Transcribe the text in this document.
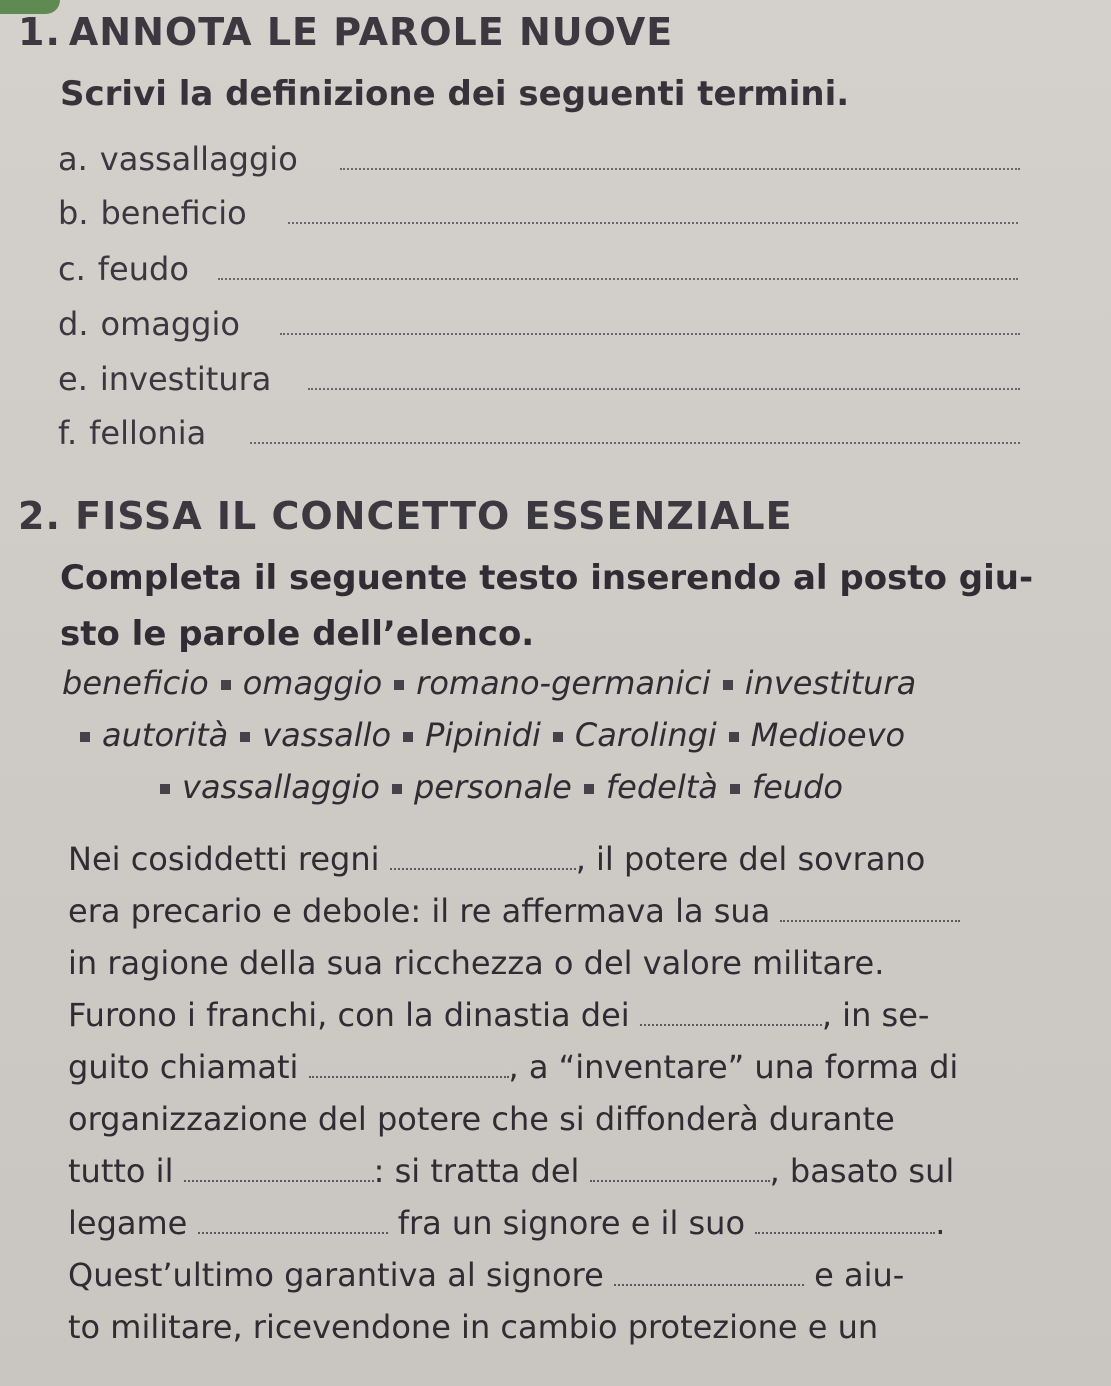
1. ANNOTA LE PAROLE NUOVE
Scrivi la definizione dei seguenti termini.
a. vassallaggio
b. beneficio
c. feudo
d. omaggio
e. investitura
f. fellonia
2. FISSA IL CONCETTO ESSENZIALE
Completa il seguente testo inserendo al posto giu-
sto le parole dell’elenco.
beneficio omaggio romano-germanici investitura
autorità vassallo Pipinidi Carolingi Medioevo
vassallaggio personale fedeltà feudo
Nei cosiddetti regni	, il potere del sovrano
era precario e debole: il re affermava la sua
in ragione della sua ricchezza o del valore militare.
Furono i franchi, con la dinastia dei	, in se-
guito chiamati	, a “inventare” una forma di
organizzazione del potere che si diffonderà durante
tutto il	: si tratta del	, basato sul
legame	fra un signore e il suo	.
Quest’ultimo garantiva al signore	e aiu-
to militare, ricevendone in cambio protezione e un
